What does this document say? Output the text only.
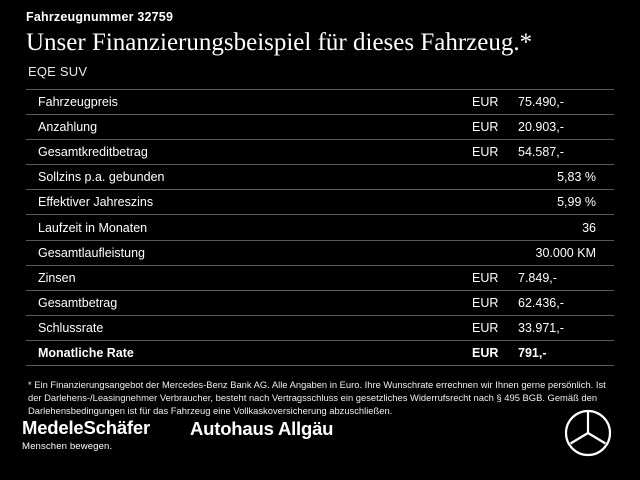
Fahrzeugnummer 32759
Unser Finanzierungsbeispiel für dieses Fahrzeug.*
EQE SUV
Fahrzeugpreis	EUR	75.490,-
Anzahlung	EUR	20.903,-
Gesamtkreditbetrag	EUR	54.587,-
Sollzins p.a. gebunden	5,83 %
Effektiver Jahreszins	5,99 %
Laufzeit in Monaten	36
Gesamtlaufleistung	30.000 KM
Zinsen	EUR	7.849,-
Gesamtbetrag	EUR	62.436,-
Schlussrate	EUR	33.971,-
Monatliche Rate	EUR	791,-
* Ein Finanzierungsangebot der Mercedes-Benz Bank AG. Alle Angaben in Euro. Ihre Wunschrate errechnen wir Ihnen gerne persönlich. Ist der Darlehens-/Leasingnehmer Verbraucher, besteht nach Vertragsschluss ein gesetzliches Widerrufsrecht nach § 495 BGB. Gemäß den Darlehensbedingungen ist für das Fahrzeug eine Vollkaskoversicherung abzuschließen.
MedeleSchäfer
Menschen bewegen.
Autohaus Allgäu
